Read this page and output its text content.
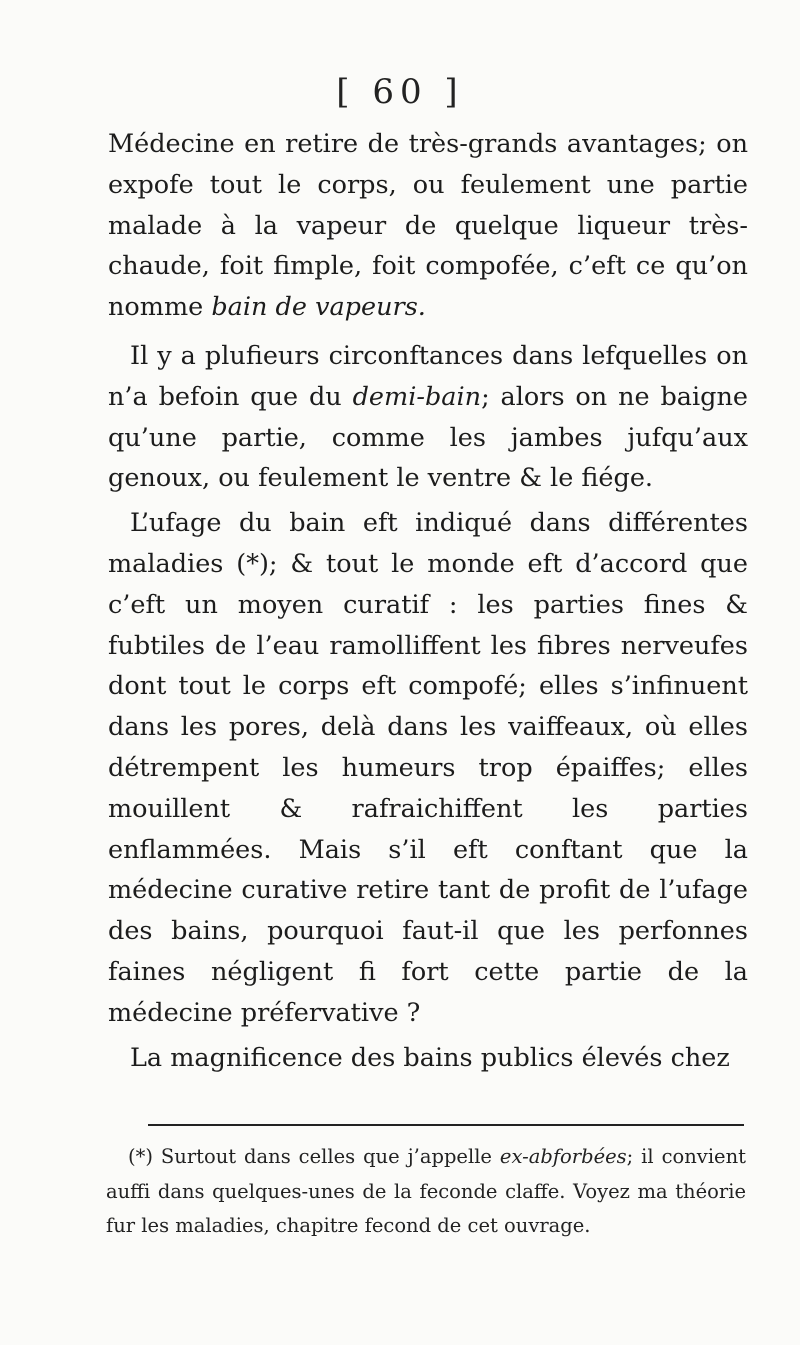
[ 60 ]

Médecine en retire de très-grands avantages; on expofe tout le corps, ou feulement une partie malade à la vapeur de quelque liqueur très-chaude, foit fimple, foit compofée, c’eft ce qu’on nomme bain de vapeurs.

Il y a plufieurs circonftances dans lefquelles on n’a befoin que du demi-bain; alors on ne baigne qu’une partie, comme les jambes jufqu’aux genoux, ou feulement le ventre & le fiége.

L’ufage du bain eft indiqué dans différentes maladies (*); & tout le monde eft d’accord que c’eft un moyen curatif : les parties fines & fubtiles de l’eau ramolliffent les fibres nerveufes dont tout le corps eft compofé; elles s’infinuent dans les pores, delà dans les vaiffeaux, où elles détrempent les humeurs trop épaiffes; elles mouillent & rafraichiffent les parties enflammées. Mais s’il eft conftant que la médecine curative retire tant de profit de l’ufage des bains, pourquoi faut-il que les perfonnes faines négligent fi fort cette partie de la médecine préfervative ?

La magnificence des bains publics élevés chez

(*) Surtout dans celles que j’appelle ex-abforbées; il convient auffi dans quelques-unes de la feconde claffe. Voyez ma théorie fur les maladies, chapitre fecond de cet ouvrage.
